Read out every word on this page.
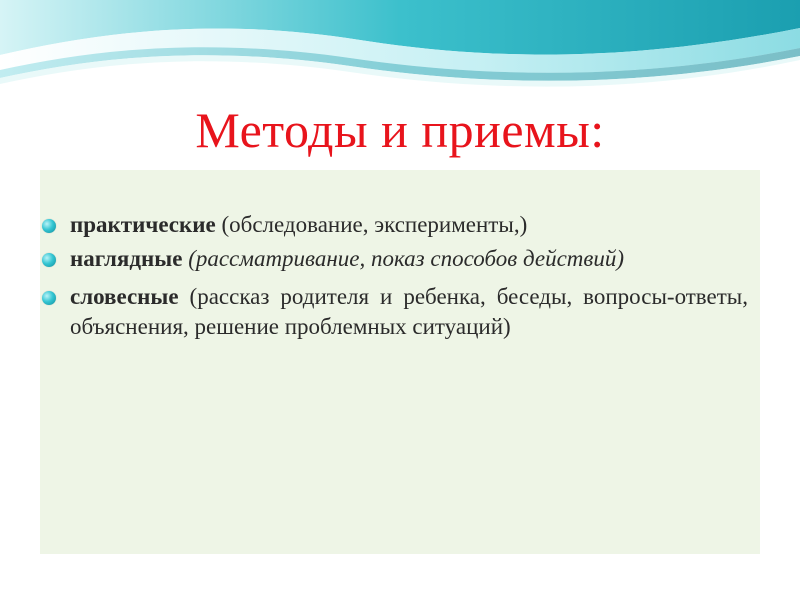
Методы и приемы:
практические (обследование, эксперименты,)
наглядные (рассматривание, показ способов действий)
словесные (рассказ родителя и ребенка, беседы, вопросы-ответы, объяснения, решение проблемных ситуаций)
